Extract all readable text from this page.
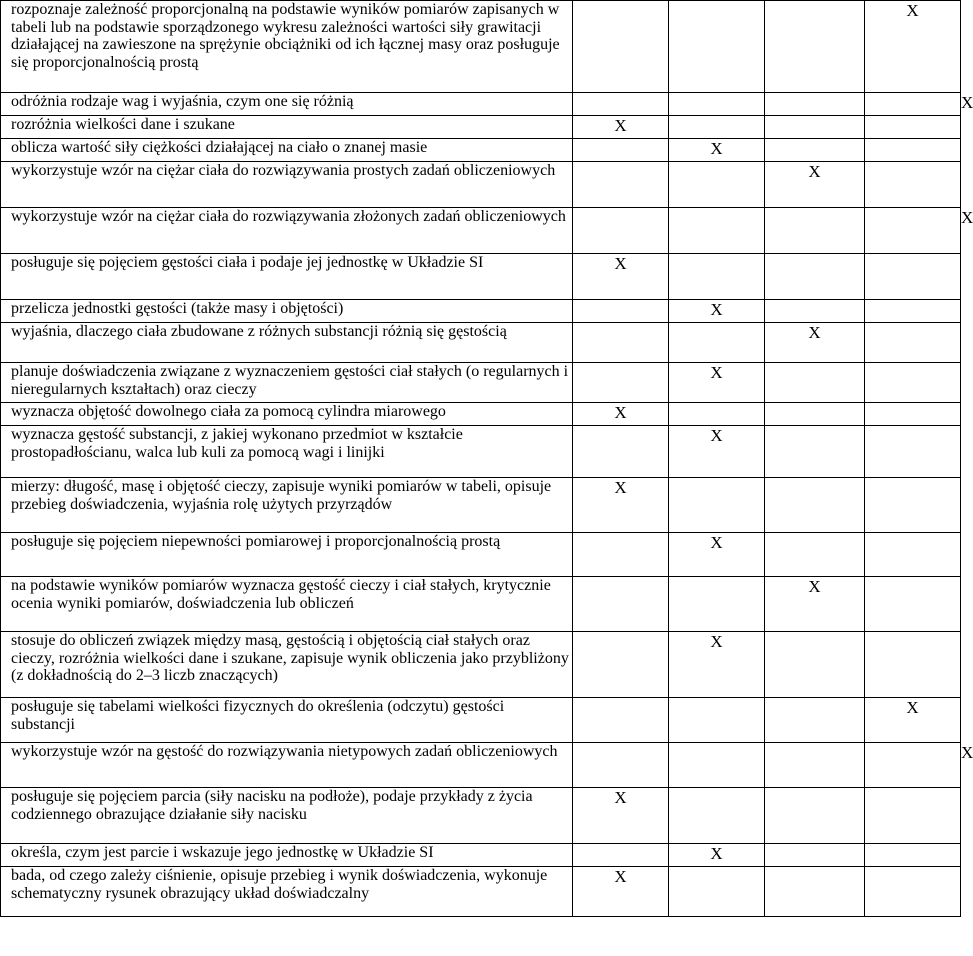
rozpoznaje zależność proporcjonalną na podstawie wyników pomiarów zapisanych w tabeli lub na podstawie sporządzonego wykresu zależności wartości siły grawitacji działającej na zawieszone na sprężynie obciążniki od ich łącznej masy oraz posługuje się proporcjonalnością prostą				X	
odróżnia rodzaje wag i wyjaśnia, czym one się różnią					X
rozróżnia wielkości dane i szukane	X				
oblicza wartość siły ciężkości działającej na ciało o znanej masie		X			
wykorzystuje wzór na ciężar ciała do rozwiązywania prostych zadań obliczeniowych			X		
wykorzystuje wzór na ciężar ciała do rozwiązywania złożonych zadań obliczeniowych					X
posługuje się pojęciem gęstości ciała i podaje jej jednostkę w Układzie SI	X				
przelicza jednostki gęstości (także masy i objętości)		X			
wyjaśnia, dlaczego ciała zbudowane z różnych substancji różnią się gęstością			X		
planuje doświadczenia związane z wyznaczeniem gęstości ciał stałych (o regularnych i nieregularnych kształtach) oraz cieczy		X			
wyznacza objętość dowolnego ciała za pomocą cylindra miarowego	X				
wyznacza gęstość substancji, z jakiej wykonano przedmiot w kształcie prostopadłościanu, walca lub kuli za pomocą wagi i linijki		X			
mierzy: długość, masę i objętość cieczy, zapisuje wyniki pomiarów w tabeli, opisuje przebieg doświadczenia, wyjaśnia rolę użytych przyrządów	X				
posługuje się pojęciem niepewności pomiarowej i proporcjonalnością prostą		X			
na podstawie wyników pomiarów wyznacza gęstość cieczy i ciał stałych, krytycznie ocenia wyniki pomiarów, doświadczenia lub obliczeń			X		
stosuje do obliczeń związek między masą, gęstością i objętością ciał stałych oraz cieczy, rozróżnia wielkości dane i szukane, zapisuje wynik obliczenia jako przybliżony (z dokładnością do 2–3 liczb znaczących)		X			
posługuje się tabelami wielkości fizycznych do określenia (odczytu) gęstości substancji				X	
wykorzystuje wzór na gęstość do rozwiązywania nietypowych zadań obliczeniowych					X
posługuje się pojęciem parcia (siły nacisku na podłoże), podaje przykłady z życia codziennego obrazujące działanie siły nacisku	X				
określa, czym jest parcie i wskazuje jego jednostkę w Układzie SI		X			
bada, od czego zależy ciśnienie, opisuje przebieg i wynik doświadczenia, wykonuje schematyczny rysunek obrazujący układ doświadczalny	X				
